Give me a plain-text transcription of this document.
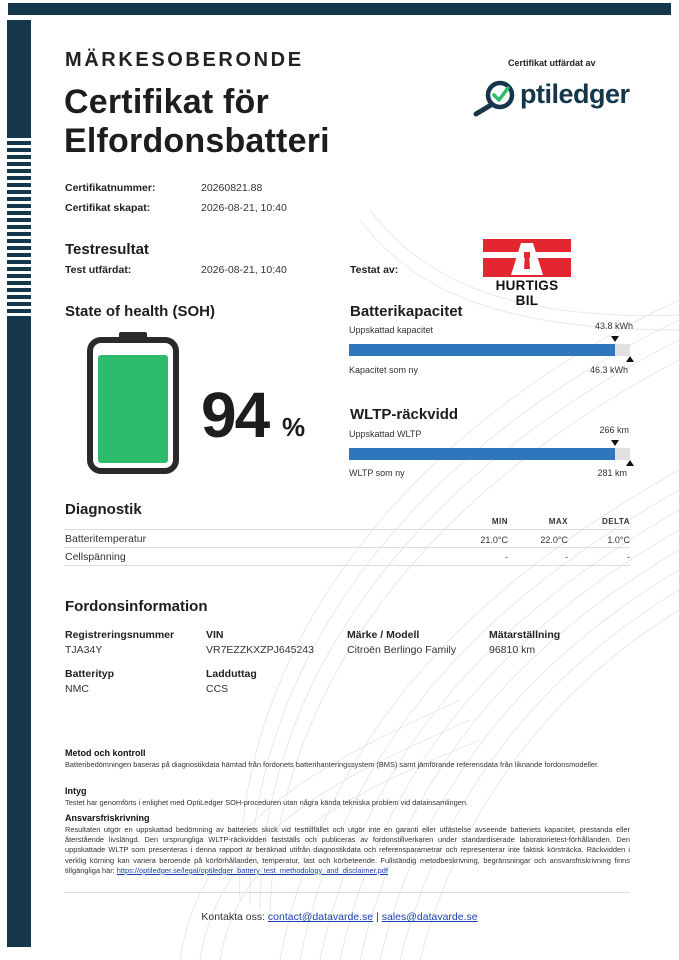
MÄRKESOBERONDE
Certifikat för
Elfordonsbatteri
Certifikat utfärdat av
ptiledger
Certifikatnummer:	20260821.88
Certifikat skapat:	2026-08-21, 10:40
Testresultat
Test utfärdat:	2026-08-21, 10:40	Testat av:
HURTIGS BIL
State of health (SOH)
94 %
Batterikapacitet
Uppskattad kapacitet	43.8 kWh
Kapacitet som ny	46.3 kWh
WLTP-räckvidd
Uppskattad WLTP	266 km
WLTP som ny	281 km
Diagnostik
MIN	MAX	DELTA
Batteritemperatur	21.0°C	22.0°C	1.0°C
Cellspänning	-	-	-
Fordonsinformation
Registreringsnummer
TJA34Y
VIN
VR7EZZKXZPJ645243
Märke / Modell
Citroën Berlingo Family
Mätarställning
96810 km
Batterityp
NMC
Ladduttag
CCS
Metod och kontroll
Batteribedömningen baseras på diagnostikdata hämtad från fordonets batterihanteringssystem (BMS) samt jämförande referensdata från liknande fordonsmodeller.
Intyg
Testet har genomförts i enlighet med OptiLedger SOH-proceduren utan några kända tekniska problem vid datainsamlingen.
Ansvarsfriskrivning
Resultaten utgör en uppskattad bedömning av batteriets skick vid testtillfället och utgör inte en garanti eller utfästelse avseende batteriets kapacitet, prestanda eller återstående livslängd. Den ursprungliga WLTP-räckvidden fastställs och publiceras av fordonstillverkaren under standardiserade laboratorietest-förhållanden. Den uppskattade WLTP som presenteras i denna rapport är beräknad utifrån diagnostikdata och referensparametrar och representerar inte faktisk körsträcka. Räckvidden i verklig körning kan variera beroende på körförhållanden, temperatur, last och körbeteende. Fullständig metodbeskrivning, begränsningar och ansvarsfriskrivning finns tillgängliga här: https://optiledger.se/legal/optiledger_battery_test_methodology_and_disclaimer.pdf
Kontakta oss: contact@datavarde.se | sales@datavarde.se
